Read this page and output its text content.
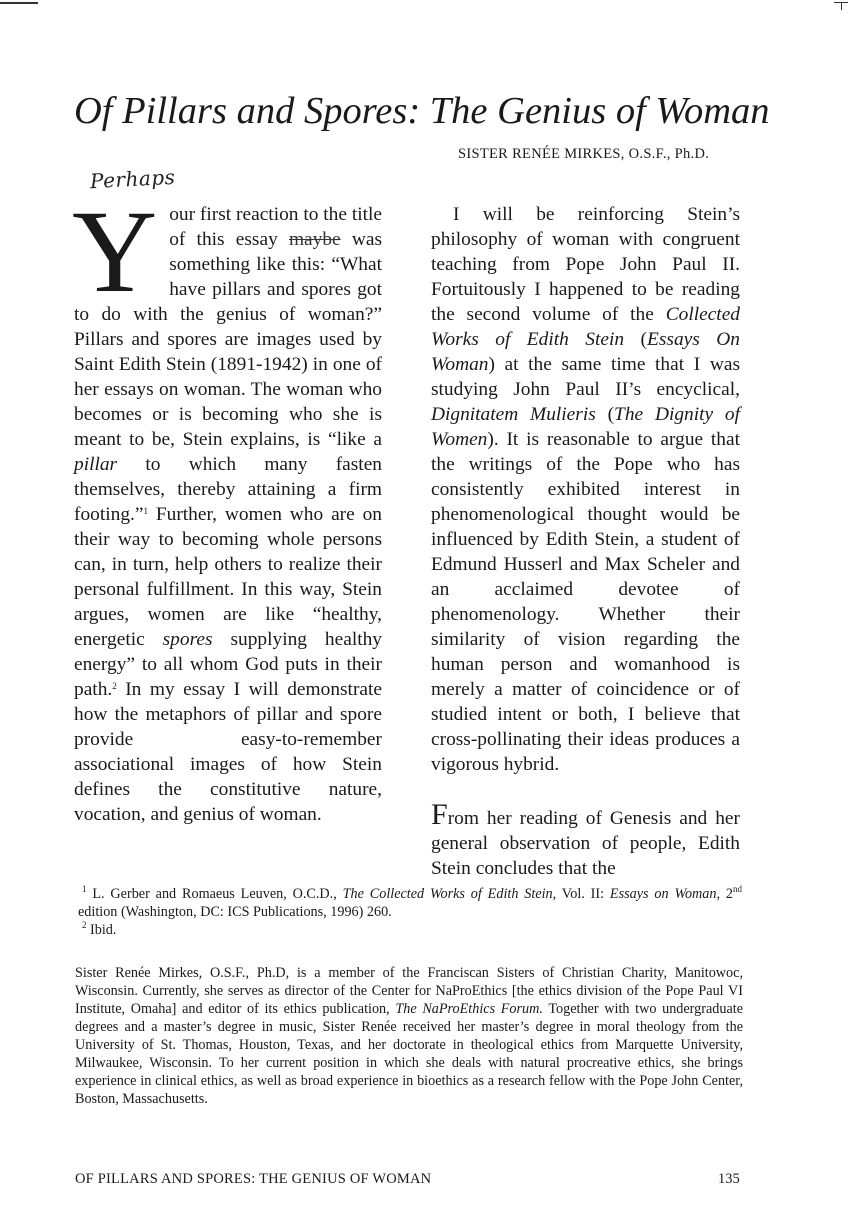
Of Pillars and Spores: The Genius of Woman
SISTER RENÉE MIRKES, O.S.F., Ph.D.
Perhaps

Your first reaction to the title of this essay maybe was something like this: “What have pillars and spores got to do with the genius of woman?” Pillars and spores are images used by Saint Edith Stein (1891-1942) in one of her essays on woman. The woman who becomes or is becoming who she is meant to be, Stein explains, is “like a pillar to which many fasten themselves, thereby attaining a firm footing.”$^1$ Further, women who are on their way to becoming whole persons can, in turn, help others to realize their personal fulfillment. In this way, Stein argues, women are like “healthy, energetic spores supplying healthy energy” to all whom God puts in their path.$^2$ In my essay I will demonstrate how the metaphors of pillar and spore provide easy-to-remember associational images of how Stein defines the constitutive nature, vocation, and genius of woman.

I will be reinforcing Stein’s philosophy of woman with congruent teaching from Pope John Paul II. Fortuitously I happened to be reading the second volume of the Collected Works of Edith Stein (Essays On Woman) at the same time that I was studying John Paul II’s encyclical, Dignitatem Mulieris (The Dignity of Women). It is reasonable to argue that the writings of the Pope who has consistently exhibited interest in phenomenological thought would be influenced by Edith Stein, a student of Edmund Husserl and Max Scheler and an acclaimed devotee of phenomenology. Whether their similarity of vision regarding the human person and womanhood is merely a matter of coincidence or of studied intent or both, I believe that cross-pollinating their ideas produces a vigorous hybrid.

From her reading of Genesis and her general observation of people, Edith Stein concludes that the

$^1$ L. Gerber and Romaeus Leuven, O.C.D., The Collected Works of Edith Stein, Vol. II: Essays on Woman, 2nd edition (Washington, DC: ICS Publications, 1996) 260.

$^2$ Ibid.

Sister Renée Mirkes, O.S.F., Ph.D, is a member of the Franciscan Sisters of Christian Charity, Manitowoc, Wisconsin. Currently, she serves as director of the Center for NaProEthics [the ethics division of the Pope Paul VI Institute, Omaha] and editor of its ethics publication, The NaProEthics Forum. Together with two undergraduate degrees and a master’s degree in music, Sister Renée received her master’s degree in moral theology from the University of St. Thomas, Houston, Texas, and her doctorate in theological ethics from Marquette University, Milwaukee, Wisconsin. To her current position in which she deals with natural procreative ethics, she brings experience in clinical ethics, as well as broad experience in bioethics as a research fellow with the Pope John Center, Boston, Massachusetts.

OF PILLARS AND SPORES: THE GENIUS OF WOMAN	135
